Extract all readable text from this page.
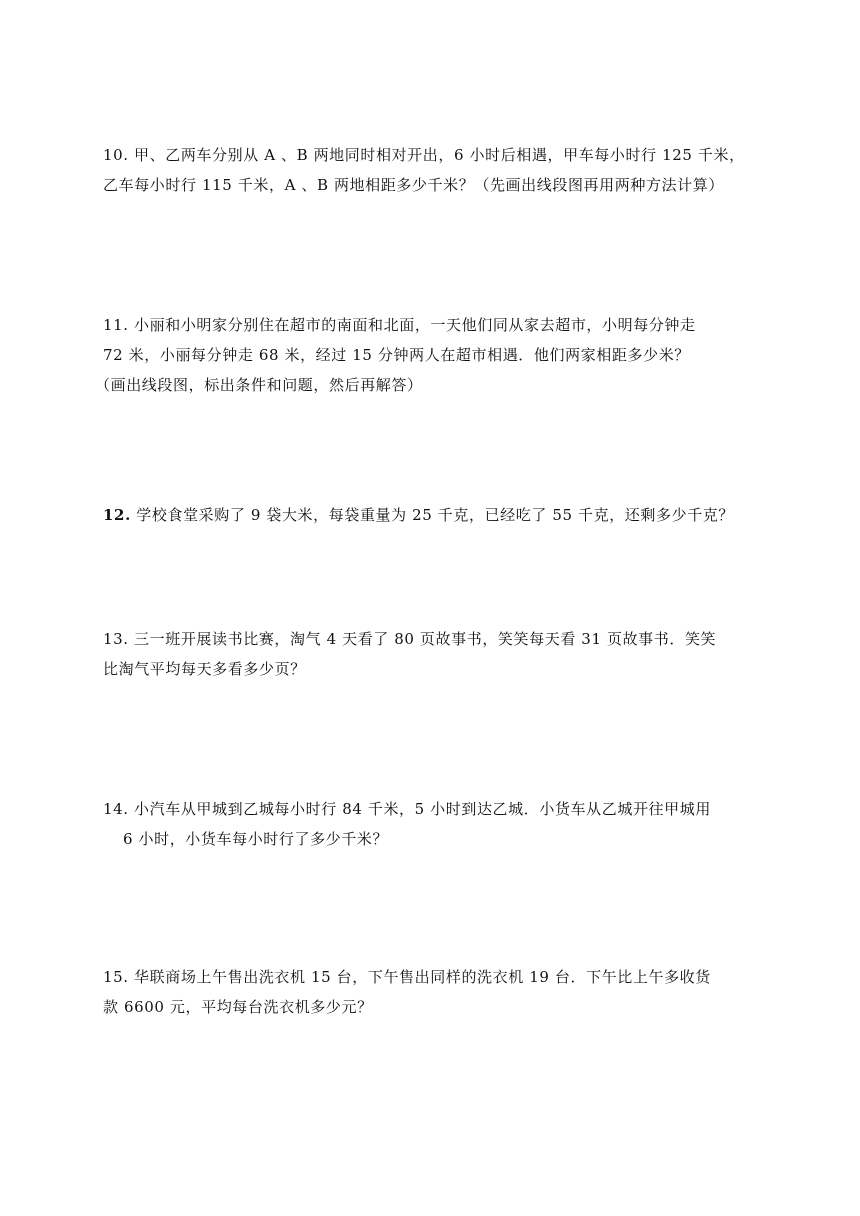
10. 甲、乙两车分别从 A 、B 两地同时相对开出，6 小时后相遇，甲车每小时行 125 千米，
乙车每小时行 115 千米，A 、B 两地相距多少千米？（先画出线段图再用两种方法计算）
11. 小丽和小明家分别住在超市的南面和北面，一天他们同从家去超市，小明每分钟走
72 米，小丽每分钟走 68 米，经过 15 分钟两人在超市相遇．他们两家相距多少米？
（画出线段图，标出条件和问题，然后再解答）
12. 学校食堂采购了 9 袋大米，每袋重量为 25 千克，已经吃了 55 千克，还剩多少千克？
13. 三一班开展读书比赛，淘气 4 天看了 80 页故事书，笑笑每天看 31 页故事书．笑笑
比淘气平均每天多看多少页？
14. 小汽车从甲城到乙城每小时行 84 千米，5 小时到达乙城．小货车从乙城开往甲城用
6 小时，小货车每小时行了多少千米？
15. 华联商场上午售出洗衣机 15 台，下午售出同样的洗衣机 19 台．下午比上午多收货
款 6600 元，平均每台洗衣机多少元？
